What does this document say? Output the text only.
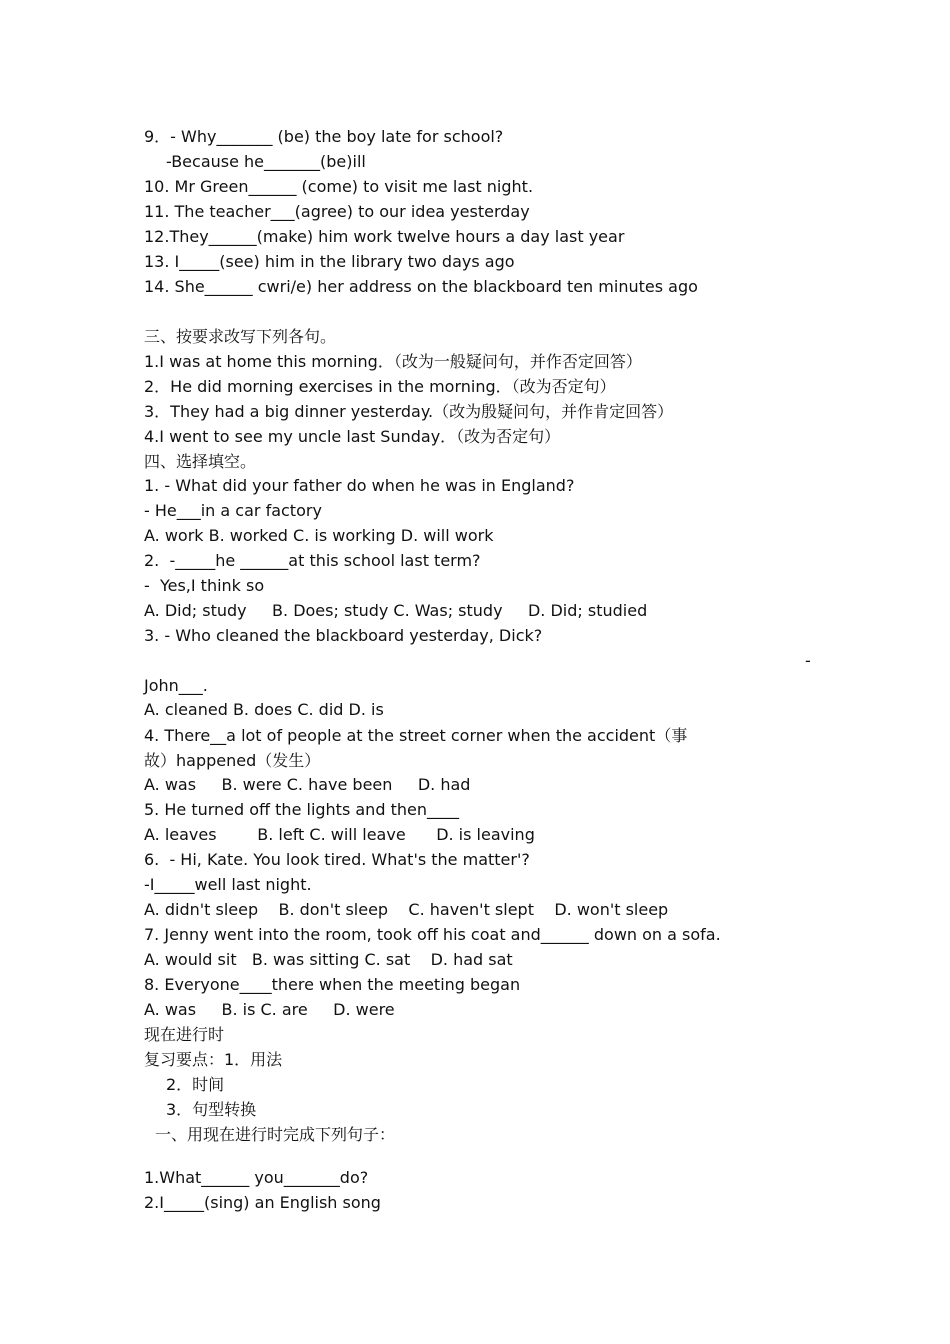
9．- Why_______ (be) the boy late for school?
-Because he_______(be)ill
10. Mr Green______ (come) to visit me last night.
11. The teacher___(agree) to our idea yesterday
12.They______(make) him work twelve hours a day last year
13. I_____(see) him in the library two days ago
14. She______ cwri/e) her address on the blackboard ten minutes ago
三、按要求改写下列各句。
1.I was at home this morning．（改为一般疑问句，并作否定回答）
2．He did morning exercises in the morning．（改为否定句）
3．They had a big dinner yesterday.（改为殷疑问句，并作肯定回答）
4.I went to see my uncle last Sunday．（改为否定句）
四、选择填空。
1. - What did your father do when he was in England?
- He___in a car factory
A. work B. worked C. is working D. will work
2.  -_____he ______at this school last term?
-  Yes,I think so
A. Did; study     B. Does; study C. Was; study     D. Did; studied
3. - Who cleaned the blackboard yesterday, Dick?
-
John___.
A. cleaned B. does C. did D. is
4. There__a lot of people at the street corner when the accident（事
故）happened（发生）
A. was     B. were C. have been     D. had
5. He turned off the lights and then____
A. leaves        B. left C. will leave      D. is leaving
6.  - Hi, Kate. You look tired. What's the matter'?
-I_____well last night.
A. didn't sleep    B. don't sleep    C. haven't slept    D. won't sleep
7. Jenny went into the room, took off his coat and______ down on a sofa.
A. would sit   B. was sitting C. sat    D. had sat
8. Everyone____there when the meeting began
A. was     B. is C. are     D. were
现在进行时
复习要点：1．用法
2．时间
3．句型转换
一、用现在进行时完成下列句子：
1.What______ you_______do?
2.I_____(sing) an English song
